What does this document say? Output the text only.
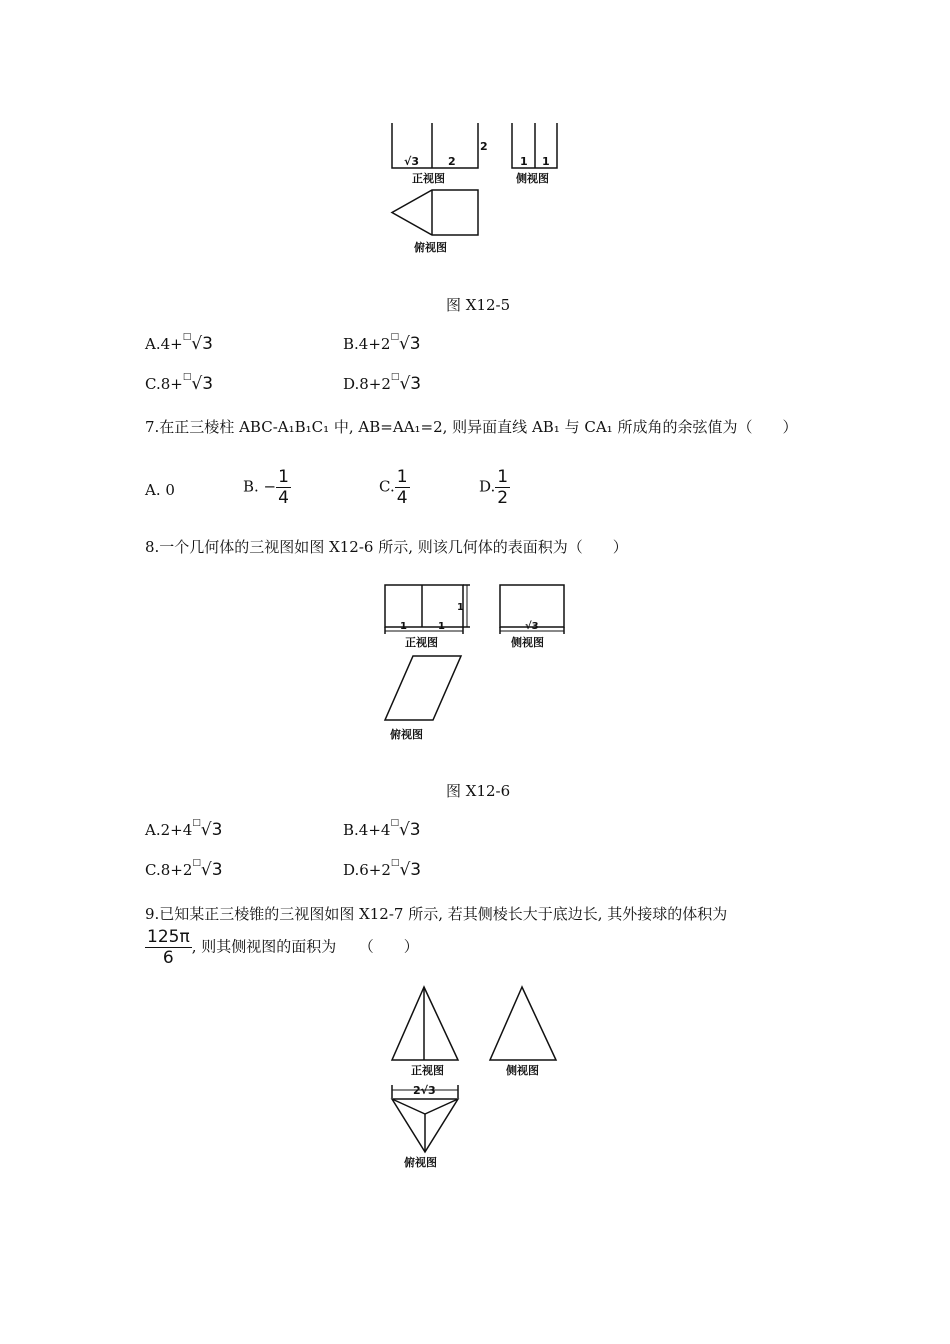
√3	2
2
1 1
正视图	侧视图
俯视图
图 X12-5
A.4+□√3	B.4+2□√3
C.8+□√3	D.8+2□√3
7.在正三棱柱 ABC-A₁B₁C₁ 中, AB=AA₁=2, 则异面直线 AB₁ 与 CA₁ 所成角的余弦值为（　　）
A. 0	B. − $\frac{1}{4}$	C. $\frac{1}{4}$	D. $\frac{1}{2}$
8.一个几何体的三视图如图 X12-6 所示, 则该几何体的表面积为（　　）
1	1
1
√3
正视图	侧视图
俯视图
图 X12-6
A.2+4□√3	B.4+4□√3
C.8+2□√3	D.6+2□√3
9.已知某正三棱锥的三视图如图 X12-7 所示, 若其侧棱长大于底边长, 其外接球的体积为
$\frac{125\pi}{6}$ , 则其侧视图的面积为　　（　　）
2√3
正视图	侧视图
俯视图
